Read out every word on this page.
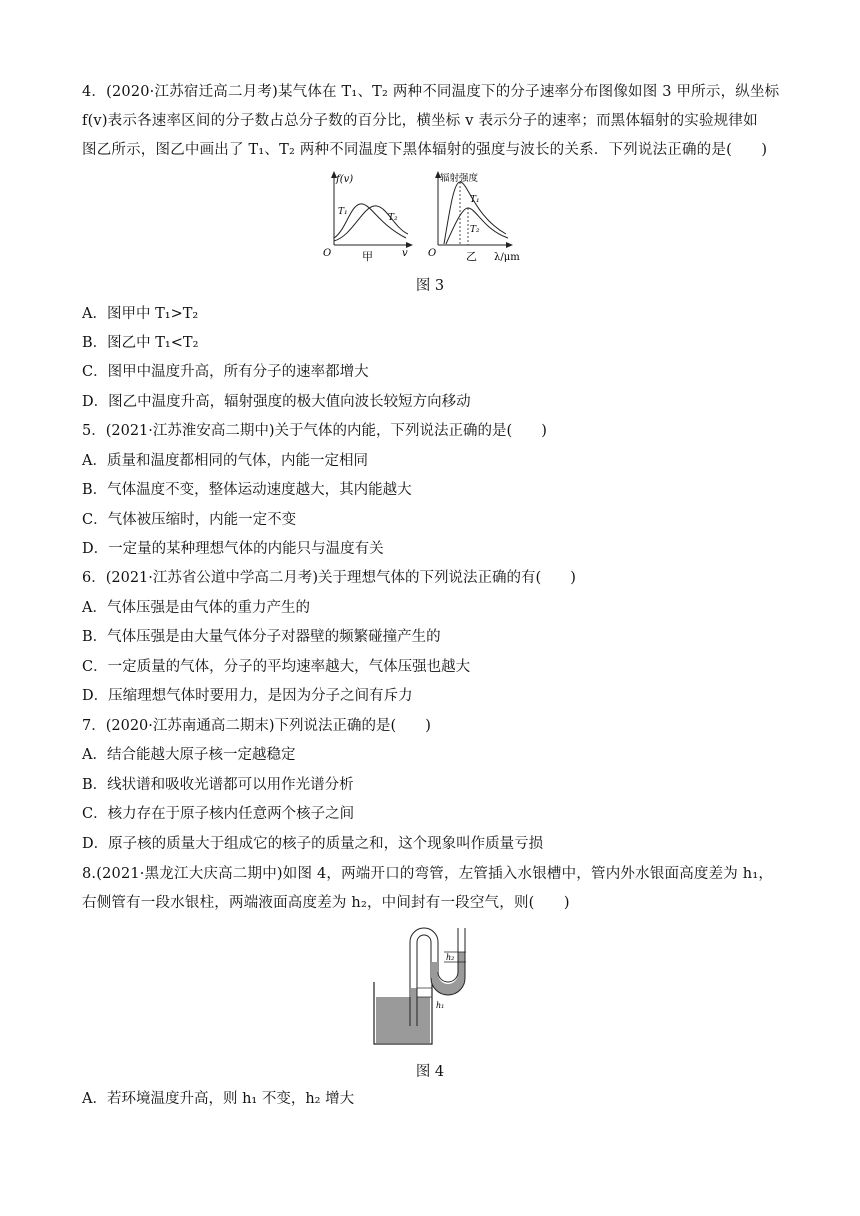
4．(2020·江苏宿迁高二月考)某气体在 T₁、T₂ 两种不同温度下的分子速率分布图像如图 3 甲所示，纵坐标
f(v)表示各速率区间的分子数占总分子数的百分比，横坐标 v 表示分子的速率；而黑体辐射的实验规律如
图乙所示，图乙中画出了 T₁、T₂ 两种不同温度下黑体辐射的强度与波长的关系．下列说法正确的是(　　)
f(v)
O	v
T₁
T₂
甲
辐射强度
O	λ/μm
T₁
T₂
乙
图 3
A．图甲中 T₁>T₂
B．图乙中 T₁<T₂
C．图甲中温度升高，所有分子的速率都增大
D．图乙中温度升高，辐射强度的极大值向波长较短方向移动
5．(2021·江苏淮安高二期中)关于气体的内能，下列说法正确的是(　　)
A．质量和温度都相同的气体，内能一定相同
B．气体温度不变，整体运动速度越大，其内能越大
C．气体被压缩时，内能一定不变
D．一定量的某种理想气体的内能只与温度有关
6．(2021·江苏省公道中学高二月考)关于理想气体的下列说法正确的有(　　)
A．气体压强是由气体的重力产生的
B．气体压强是由大量气体分子对器壁的频繁碰撞产生的
C．一定质量的气体，分子的平均速率越大，气体压强也越大
D．压缩理想气体时要用力，是因为分子之间有斥力
7．(2020·江苏南通高二期末)下列说法正确的是(　　)
A．结合能越大原子核一定越稳定
B．线状谱和吸收光谱都可以用作光谱分析
C．核力存在于原子核内任意两个核子之间
D．原子核的质量大于组成它的核子的质量之和，这个现象叫作质量亏损
8.(2021·黑龙江大庆高二期中)如图 4，两端开口的弯管，左管插入水银槽中，管内外水银面高度差为 h₁，
右侧管有一段水银柱，两端液面高度差为 h₂，中间封有一段空气，则(　　)
h₂
h₁
图 4
A．若环境温度升高，则 h₁ 不变，h₂ 增大
